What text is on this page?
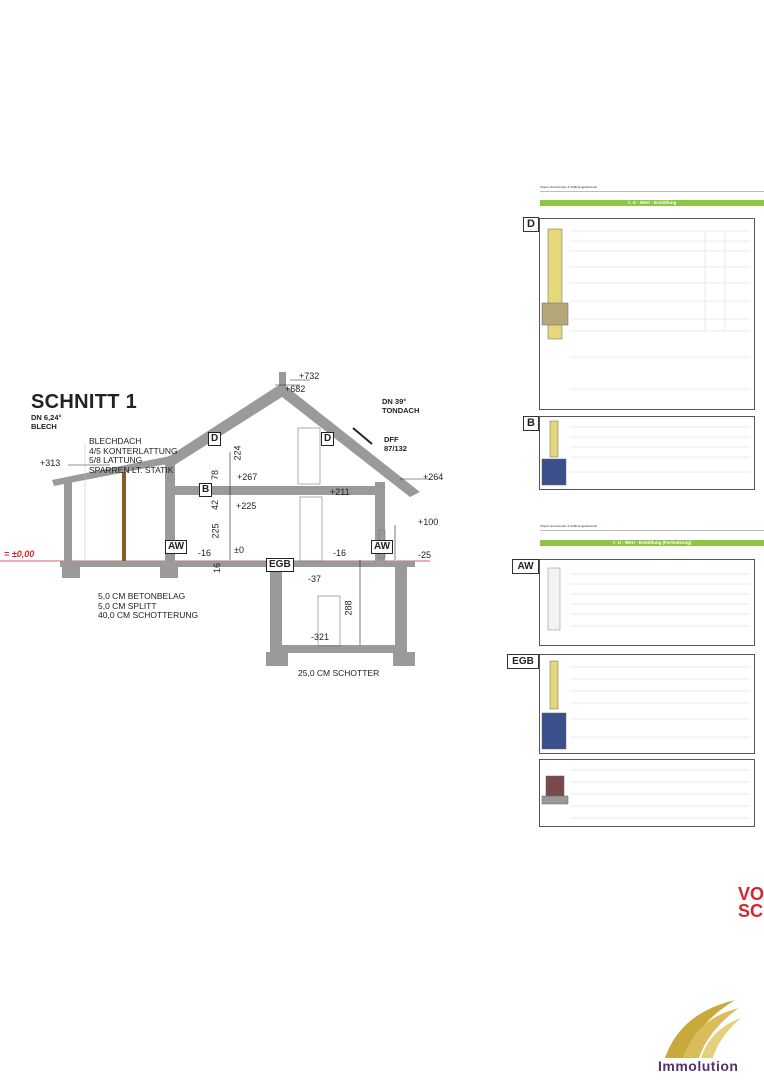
SCHNITT 1
DN 6,24°
BLECH
DN 39°
TONDACH
BLECHDACH
4/5 KONTERLATTUNG
5/8 LATTUNG
SPARREN LT. STATIK
DFF
87/132
5,0 CM BETONBELAG
5,0 CM SPLITT
40,0 CM SCHOTTERUNG
25,0 CM SCHOTTER
= ±0,00
+732
+682
+313
+264
+267
+225
+211
+100
-16	±0	-16	-25
-37
-321
224
78
42
225
16
288
D	D
B
AW	AW
EGB
Objekt: Einreichplan & 4280 Engelhartszell
7. U - Wert - Ermittlung
D
B
Objekt: Einreichplan & 4280 Engelhartszell
7. U - Wert - Ermittlung (Fortsetzung)
AW
EGB
VO
SC
Immolution
